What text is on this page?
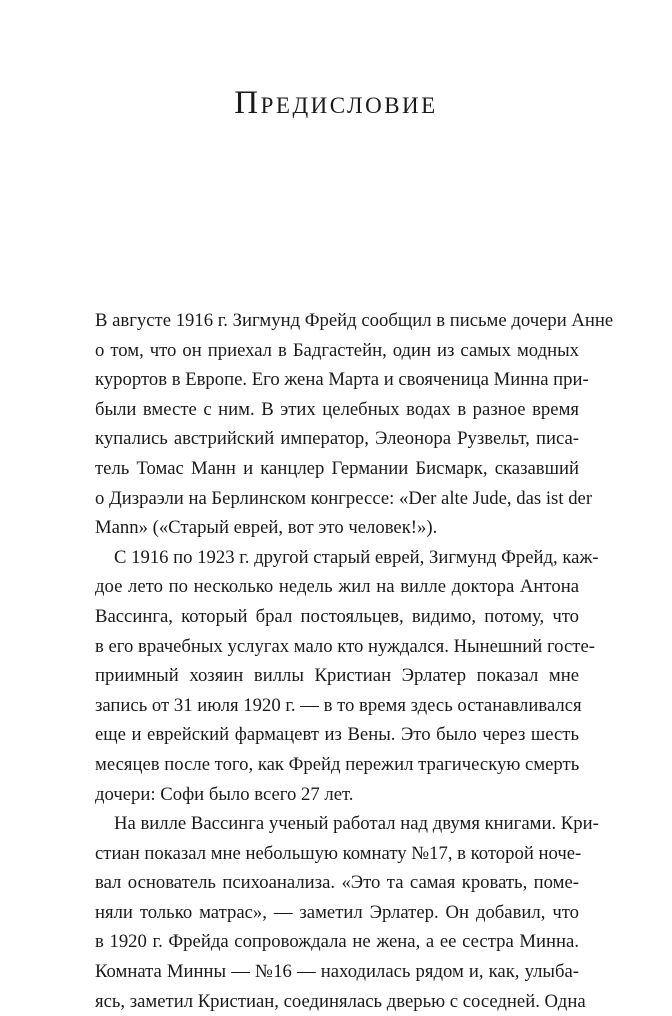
Предисловие
В августе 1916 г. Зигмунд Фрейд сообщил в письме дочери Анне
о том, что он приехал в Бадгастейн, один из самых модных
курортов в Европе. Его жена Марта и свояченица Минна при-
были вместе с ним. В этих целебных водах в разное время
купались австрийский император, Элеонора Рузвельт, писа-
тель Томас Манн и канцлер Германии Бисмарк, сказавший
о Дизраэли на Берлинском конгрессе: «Der alte Jude, das ist der
Mann» («Старый еврей, вот это человек!»).
С 1916 по 1923 г. другой старый еврей, Зигмунд Фрейд, каж-
дое лето по несколько недель жил на вилле доктора Антона
Вассинга, который брал постояльцев, видимо, потому, что
в его врачебных услугах мало кто нуждался. Нынешний госте-
приимный хозяин виллы Кристиан Эрлатер показал мне
запись от 31 июля 1920 г. — в то время здесь останавливался
еще и еврейский фармацевт из Вены. Это было через шесть
месяцев после того, как Фрейд пережил трагическую смерть
дочери: Софи было всего 27 лет.
На вилле Вассинга ученый работал над двумя книгами. Кри-
стиан показал мне небольшую комнату №17, в которой ноче-
вал основатель психоанализа. «Это та самая кровать, поме-
няли только матрас», — заметил Эрлатер. Он добавил, что
в 1920 г. Фрейда сопровождала не жена, а ее сестра Минна.
Комната Минны — №16 — находилась рядом и, как, улыба-
ясь, заметил Кристиан, соединялась дверью с соседней. Одна
